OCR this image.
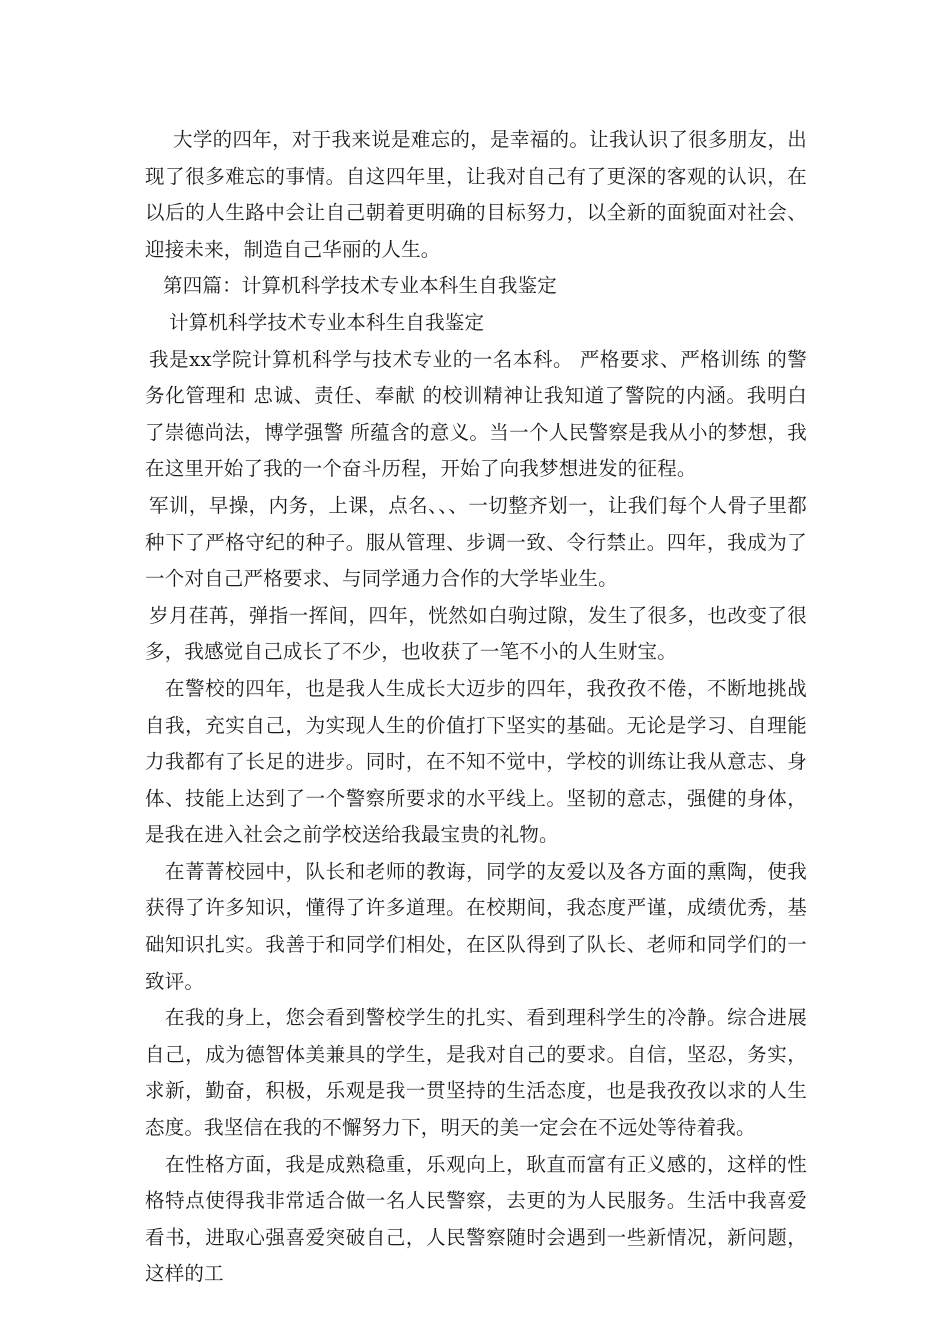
大学的四年，对于我来说是难忘的，是幸福的。让我认识了很多朋友，出现了很多难忘的事情。自这四年里，让我对自己有了更深的客观的认识，在以后的人生路中会让自己朝着更明确的目标努力，以全新的面貌面对社会、迎接未来，制造自己华丽的人生。

第四篇：计算机科学技术专业本科生自我鉴定

计算机科学技术专业本科生自我鉴定

我是xx学院计算机科学与技术专业的一名本科。 严格要求、严格训练 的警务化管理和 忠诚、责任、奉献 的校训精神让我知道了警院的内涵。我明白了崇德尚法，博学强警 所蕴含的意义。当一个人民警察是我从小的梦想，我在这里开始了我的一个奋斗历程，开始了向我梦想进发的征程。

军训，早操，内务，上课，点名、、、一切整齐划一，让我们每个人骨子里都种下了严格守纪的种子。服从管理、步调一致、令行禁止。四年，我成为了一个对自己严格要求、与同学通力合作的大学毕业生。

岁月荏苒，弹指一挥间，四年，恍然如白驹过隙，发生了很多，也改变了很多，我感觉自己成长了不少，也收获了一笔不小的人生财宝。

在警校的四年，也是我人生成长大迈步的四年，我孜孜不倦，不断地挑战自我，充实自己，为实现人生的价值打下坚实的基础。无论是学习、自理能力我都有了长足的进步。同时，在不知不觉中，学校的训练让我从意志、身体、技能上达到了一个警察所要求的水平线上。坚韧的意志，强健的身体，是我在进入社会之前学校送给我最宝贵的礼物。

在菁菁校园中，队长和老师的教诲，同学的友爱以及各方面的熏陶，使我获得了许多知识，懂得了许多道理。在校期间，我态度严谨，成绩优秀，基础知识扎实。我善于和同学们相处，在区队得到了队长、老师和同学们的一致评。

在我的身上，您会看到警校学生的扎实、看到理科学生的冷静。综合进展自己，成为德智体美兼具的学生，是我对自己的要求。自信，坚忍，务实，求新，勤奋，积极，乐观是我一贯坚持的生活态度，也是我孜孜以求的人生态度。我坚信在我的不懈努力下，明天的美一定会在不远处等待着我。

在性格方面，我是成熟稳重，乐观向上，耿直而富有正义感的，这样的性格特点使得我非常适合做一名人民警察，去更的为人民服务。生活中我喜爱看书，进取心强喜爱突破自己，人民警察随时会遇到一些新情况，新问题，这样的工
